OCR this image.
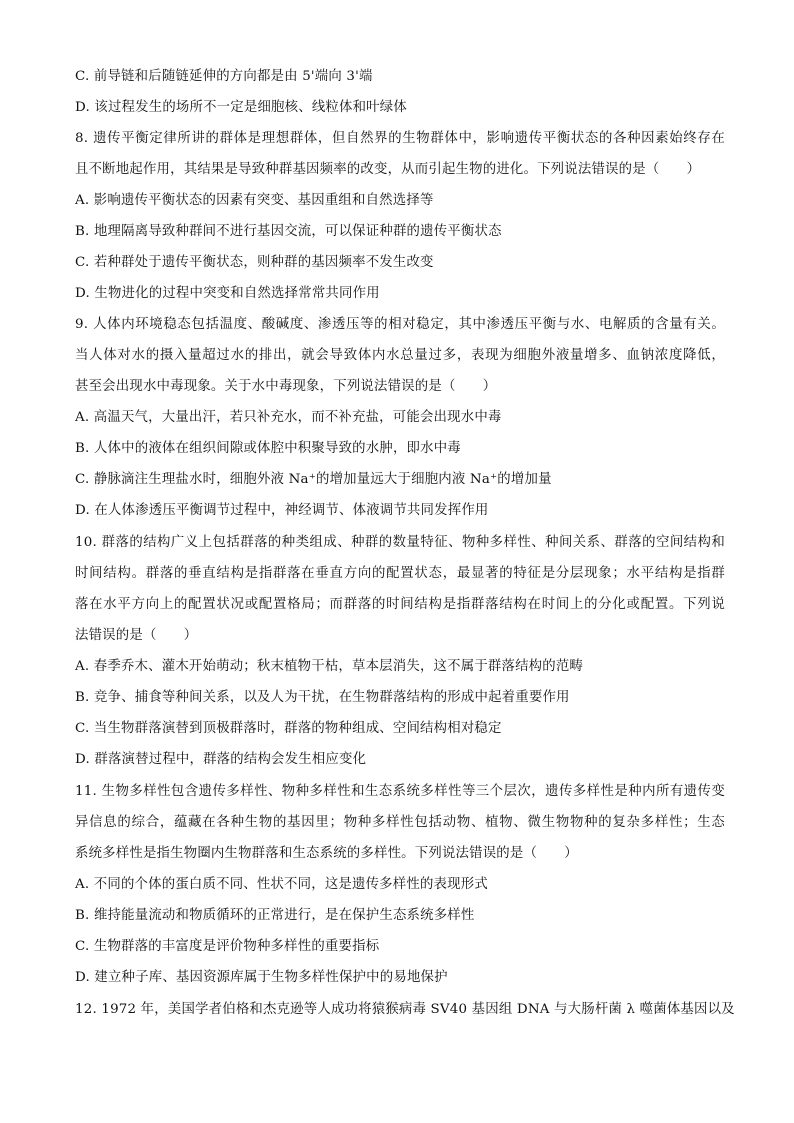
C. 前导链和后随链延伸的方向都是由 5'端向 3'端
D. 该过程发生的场所不一定是细胞核、线粒体和叶绿体
8. 遗传平衡定律所讲的群体是理想群体，但自然界的生物群体中，影响遗传平衡状态的各种因素始终存在
且不断地起作用，其结果是导致种群基因频率的改变，从而引起生物的进化。下列说法错误的是（　　）
A. 影响遗传平衡状态的因素有突变、基因重组和自然选择等
B. 地理隔离导致种群间不进行基因交流，可以保证种群的遗传平衡状态
C. 若种群处于遗传平衡状态，则种群的基因频率不发生改变
D. 生物进化的过程中突变和自然选择常常共同作用
9. 人体内环境稳态包括温度、酸碱度、渗透压等的相对稳定，其中渗透压平衡与水、电解质的含量有关。
当人体对水的摄入量超过水的排出，就会导致体内水总量过多，表现为细胞外液量增多、血钠浓度降低，
甚至会出现水中毒现象。关于水中毒现象，下列说法错误的是（　　）
A. 高温天气，大量出汗，若只补充水，而不补充盐，可能会出现水中毒
B. 人体中的液体在组织间隙或体腔中积聚导致的水肿，即水中毒
C. 静脉滴注生理盐水时，细胞外液 Na⁺的增加量远大于细胞内液 Na⁺的增加量
D. 在人体渗透压平衡调节过程中，神经调节、体液调节共同发挥作用
10. 群落的结构广义上包括群落的种类组成、种群的数量特征、物种多样性、种间关系、群落的空间结构和
时间结构。群落的垂直结构是指群落在垂直方向的配置状态，最显著的特征是分层现象；水平结构是指群
落在水平方向上的配置状况或配置格局；而群落的时间结构是指群落结构在时间上的分化或配置。下列说
法错误的是（　　）
A. 春季乔木、灌木开始萌动；秋末植物干枯，草本层消失，这不属于群落结构的范畴
B. 竞争、捕食等种间关系，以及人为干扰，在生物群落结构的形成中起着重要作用
C. 当生物群落演替到顶极群落时，群落的物种组成、空间结构相对稳定
D. 群落演替过程中，群落的结构会发生相应变化
11. 生物多样性包含遗传多样性、物种多样性和生态系统多样性等三个层次，遗传多样性是种内所有遗传变
异信息的综合，蕴藏在各种生物的基因里；物种多样性包括动物、植物、微生物物种的复杂多样性；生态
系统多样性是指生物圈内生物群落和生态系统的多样性。下列说法错误的是（　　）
A. 不同的个体的蛋白质不同、性状不同，这是遗传多样性的表现形式
B. 维持能量流动和物质循环的正常进行，是在保护生态系统多样性
C. 生物群落的丰富度是评价物种多样性的重要指标
D. 建立种子库、基因资源库属于生物多样性保护中的易地保护
12. 1972 年，美国学者伯格和杰克逊等人成功将猿猴病毒 SV40 基因组 DNA 与大肠杆菌 λ 噬菌体基因以及
